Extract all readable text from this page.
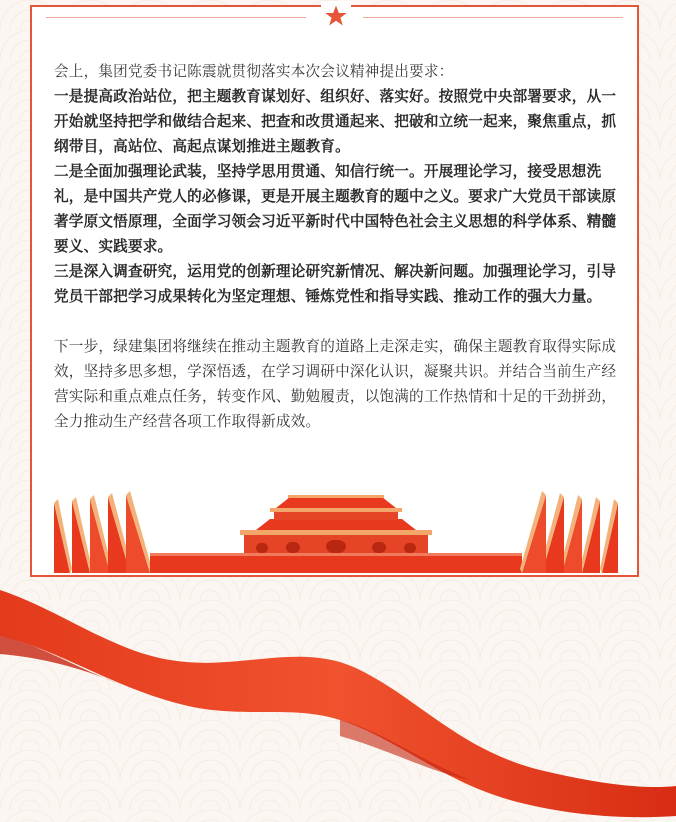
会上，集团党委书记陈震就贯彻落实本次会议精神提出要求：

一是提高政治站位，把主题教育谋划好、组织好、落实好。按照党中央部署要求，从一开始就坚持把学和做结合起来、把查和改贯通起来、把破和立统一起来，聚焦重点，抓纲带目，高站位、高起点谋划推进主题教育。

二是全面加强理论武装，坚持学思用贯通、知信行统一。开展理论学习，接受思想洗礼，是中国共产党人的必修课，更是开展主题教育的题中之义。要求广大党员干部读原著学原文悟原理，全面学习领会习近平新时代中国特色社会主义思想的科学体系、精髓要义、实践要求。

三是深入调查研究，运用党的创新理论研究新情况、解决新问题。加强理论学习，引导党员干部把学习成果转化为坚定理想、锤炼党性和指导实践、推动工作的强大力量。

下一步，绿建集团将继续在推动主题教育的道路上走深走实，确保主题教育取得实际成效，坚持多思多想，学深悟透，在学习调研中深化认识，凝聚共识。并结合当前生产经营实际和重点难点任务，转变作风、勤勉履责，以饱满的工作热情和十足的干劲拼劲，全力推动生产经营各项工作取得新成效。
